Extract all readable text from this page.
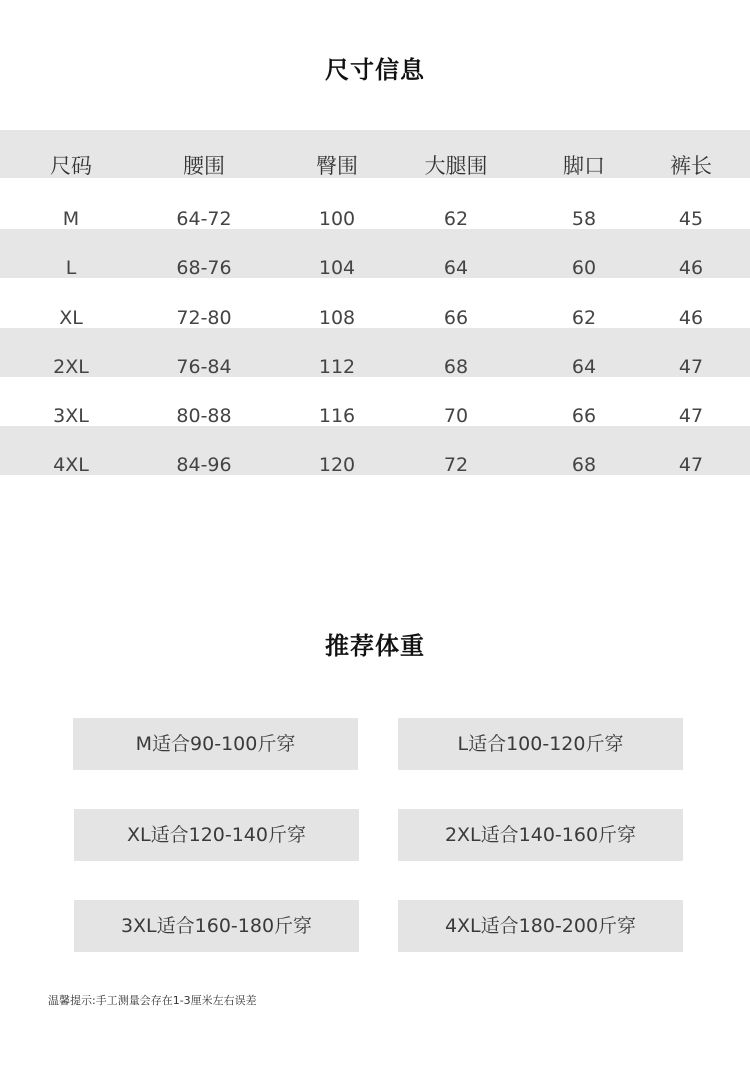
尺寸信息
尺码	腰围	臀围	大腿围	脚口	裤长
M	64-72	100	62	58	45
L	68-76	104	64	60	46
XL	72-80	108	66	62	46
2XL	76-84	112	68	64	47
3XL	80-88	116	70	66	47
4XL	84-96	120	72	68	47
推荐体重
M适合90-100斤穿	L适合100-120斤穿
XL适合120-140斤穿	2XL适合140-160斤穿
3XL适合160-180斤穿	4XL适合180-200斤穿
温馨提示:手工测量会存在1-3厘米左右误差
